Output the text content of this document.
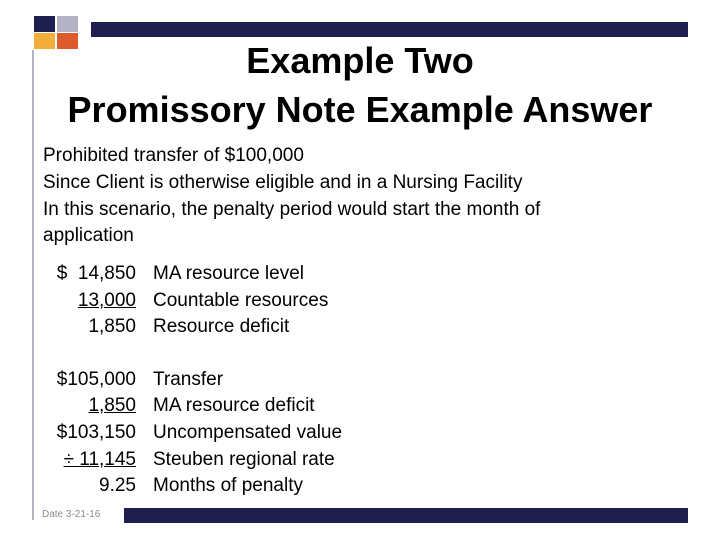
Date 3-21-16
Example Two
Promissory Note Example Answer
Prohibited transfer of $100,000
Since Client is otherwise eligible and in a Nursing Facility
In this scenario, the penalty period would start the month of
application
$  14,850 MA resource level
13,000 Countable resources
1,850 Resource deficit
$105,000 Transfer
1,850 MA resource deficit
$103,150 Uncompensated value
÷ 11,145 Steuben regional rate
9.25 Months of penalty
